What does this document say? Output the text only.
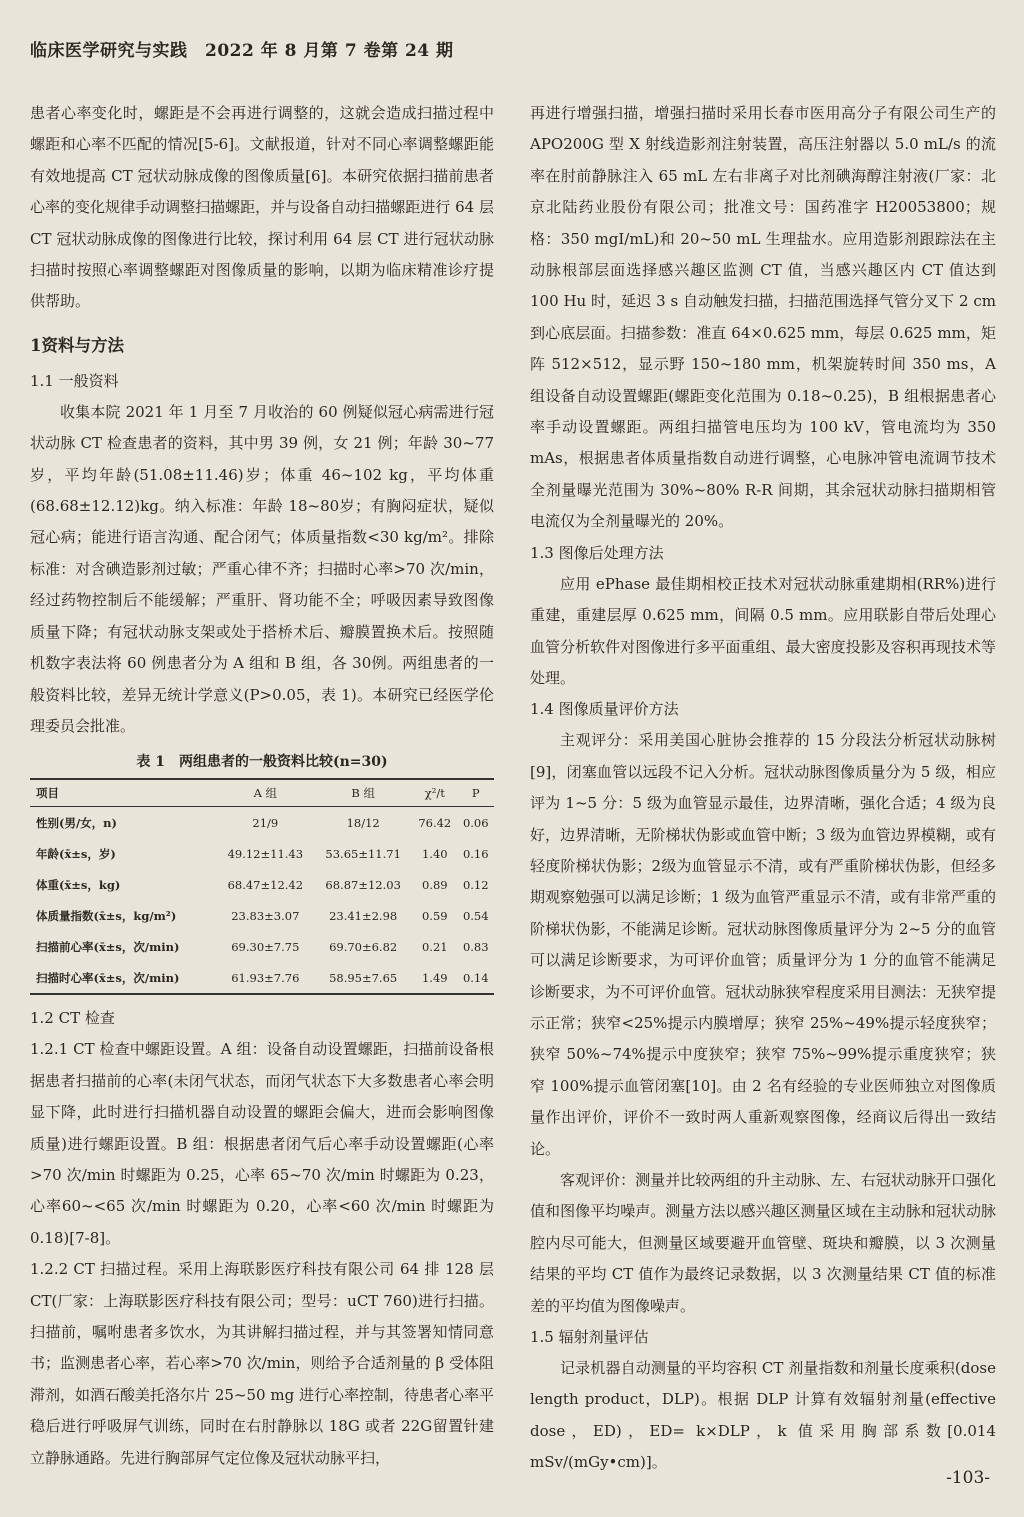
临床医学研究与实践　2022 年 8 月第 7 卷第 24 期

患者心率变化时，螺距是不会再进行调整的，这就会造成扫描过程中螺距和心率不匹配的情况[5-6]。文献报道，针对不同心率调整螺距能有效地提高 CT 冠状动脉成像的图像质量[6]。本研究依据扫描前患者心率的变化规律手动调整扫描螺距，并与设备自动扫描螺距进行 64 层 CT 冠状动脉成像的图像进行比较，探讨利用 64 层 CT 进行冠状动脉扫描时按照心率调整螺距对图像质量的影响，以期为临床精准诊疗提供帮助。

1资料与方法
1.1 一般资料

收集本院 2021 年 1 月至 7 月收治的 60 例疑似冠心病需进行冠状动脉 CT 检查患者的资料，其中男 39 例，女 21 例；年龄 30~77 岁，平均年龄(51.08±11.46)岁；体重 46~102 kg，平均体重(68.68±12.12)kg。纳入标准：年龄 18~80岁；有胸闷症状，疑似冠心病；能进行语言沟通、配合闭气；体质量指数<30 kg/m²。排除标准：对含碘造影剂过敏；严重心律不齐；扫描时心率>70 次/min，经过药物控制后不能缓解；严重肝、肾功能不全；呼吸因素导致图像质量下降；有冠状动脉支架或处于搭桥术后、瓣膜置换术后。按照随机数字表法将 60 例患者分为 A 组和 B 组，各 30例。两组患者的一般资料比较，差异无统计学意义(P>0.05，表 1)。本研究已经医学伦理委员会批准。

表 1　两组患者的一般资料比较(n=30)
项目	A 组	B 组	χ²/t	P
性别(男/女，n)	21/9	18/12	76.42	0.06
年龄(x̄±s，岁)	49.12±11.43	53.65±11.71	1.40	0.16
体重(x̄±s，kg)	68.47±12.42	68.87±12.03	0.89	0.12
体质量指数(x̄±s，kg/m²)	23.83±3.07	23.41±2.98	0.59	0.54
扫描前心率(x̄±s，次/min)	69.30±7.75	69.70±6.82	0.21	0.83
扫描时心率(x̄±s，次/min)	61.93±7.76	58.95±7.65	1.49	0.14
1.2 CT 检查

1.2.1 CT 检查中螺距设置。A 组：设备自动设置螺距，扫描前设备根据患者扫描前的心率(未闭气状态，而闭气状态下大多数患者心率会明显下降，此时进行扫描机器自动设置的螺距会偏大，进而会影响图像质量)进行螺距设置。B 组：根据患者闭气后心率手动设置螺距(心率>70 次/min 时螺距为 0.25，心率 65~70 次/min 时螺距为 0.23，心率60~<65 次/min 时螺距为 0.20，心率<60 次/min 时螺距为 0.18)[7-8]。

1.2.2 CT 扫描过程。采用上海联影医疗科技有限公司 64 排 128 层 CT(厂家：上海联影医疗科技有限公司；型号：uCT 760)进行扫描。扫描前，嘱咐患者多饮水，为其讲解扫描过程，并与其签署知情同意书；监测患者心率，若心率>70 次/min，则给予合适剂量的 β 受体阻滞剂，如酒石酸美托洛尔片 25~50 mg 进行心率控制，待患者心率平稳后进行呼吸屏气训练，同时在右肘静脉以 18G 或者 22G留置针建立静脉通路。先进行胸部屏气定位像及冠状动脉平扫，

再进行增强扫描，增强扫描时采用长春市医用高分子有限公司生产的 APO200G 型 X 射线造影剂注射装置，高压注射器以 5.0 mL/s 的流率在肘前静脉注入 65 mL 左右非离子对比剂碘海醇注射液(厂家：北京北陆药业股份有限公司；批准文号：国药准字 H20053800；规格：350 mgI/mL)和 20~50 mL 生理盐水。应用造影剂跟踪法在主动脉根部层面选择感兴趣区监测 CT 值，当感兴趣区内 CT 值达到 100 Hu 时，延迟 3 s 自动触发扫描，扫描范围选择气管分叉下 2 cm 到心底层面。扫描参数：准直 64×0.625 mm，每层 0.625 mm，矩阵 512×512，显示野 150~180 mm，机架旋转时间 350 ms，A 组设备自动设置螺距(螺距变化范围为 0.18~0.25)，B 组根据患者心率手动设置螺距。两组扫描管电压均为 100 kV，管电流均为 350 mAs，根据患者体质量指数自动进行调整，心电脉冲管电流调节技术全剂量曝光范围为 30%~80% R-R 间期，其余冠状动脉扫描期相管电流仅为全剂量曝光的 20%。

1.3 图像后处理方法

应用 ePhase 最佳期相校正技术对冠状动脉重建期相(RR%)进行重建，重建层厚 0.625 mm，间隔 0.5 mm。应用联影自带后处理心血管分析软件对图像进行多平面重组、最大密度投影及容积再现技术等处理。

1.4 图像质量评价方法

主观评分：采用美国心脏协会推荐的 15 分段法分析冠状动脉树[9]，闭塞血管以远段不记入分析。冠状动脉图像质量分为 5 级，相应评为 1~5 分：5 级为血管显示最佳，边界清晰，强化合适；4 级为良好，边界清晰，无阶梯状伪影或血管中断；3 级为血管边界模糊，或有轻度阶梯状伪影；2级为血管显示不清，或有严重阶梯状伪影，但经多期观察勉强可以满足诊断；1 级为血管严重显示不清，或有非常严重的阶梯状伪影，不能满足诊断。冠状动脉图像质量评分为 2~5 分的血管可以满足诊断要求，为可评价血管；质量评分为 1 分的血管不能满足诊断要求，为不可评价血管。冠状动脉狭窄程度采用目测法：无狭窄提示正常；狭窄<25%提示内膜增厚；狭窄 25%~49%提示轻度狭窄；狭窄 50%~74%提示中度狭窄；狭窄 75%~99%提示重度狭窄；狭窄 100%提示血管闭塞[10]。由 2 名有经验的专业医师独立对图像质量作出评价，评价不一致时两人重新观察图像，经商议后得出一致结论。

客观评价：测量并比较两组的升主动脉、左、右冠状动脉开口强化值和图像平均噪声。测量方法以感兴趣区测量区域在主动脉和冠状动脉腔内尽可能大，但测量区域要避开血管壁、斑块和瓣膜，以 3 次测量结果的平均 CT 值作为最终记录数据，以 3 次测量结果 CT 值的标准差的平均值为图像噪声。

1.5 辐射剂量评估

记录机器自动测量的平均容积 CT 剂量指数和剂量长度乘积(dose length product，DLP)。根据 DLP 计算有效辐射剂量(effective dose，ED)，ED= k×DLP，k 值采用胸部系数[0.014 mSv/(mGy•cm)]。

-103-
